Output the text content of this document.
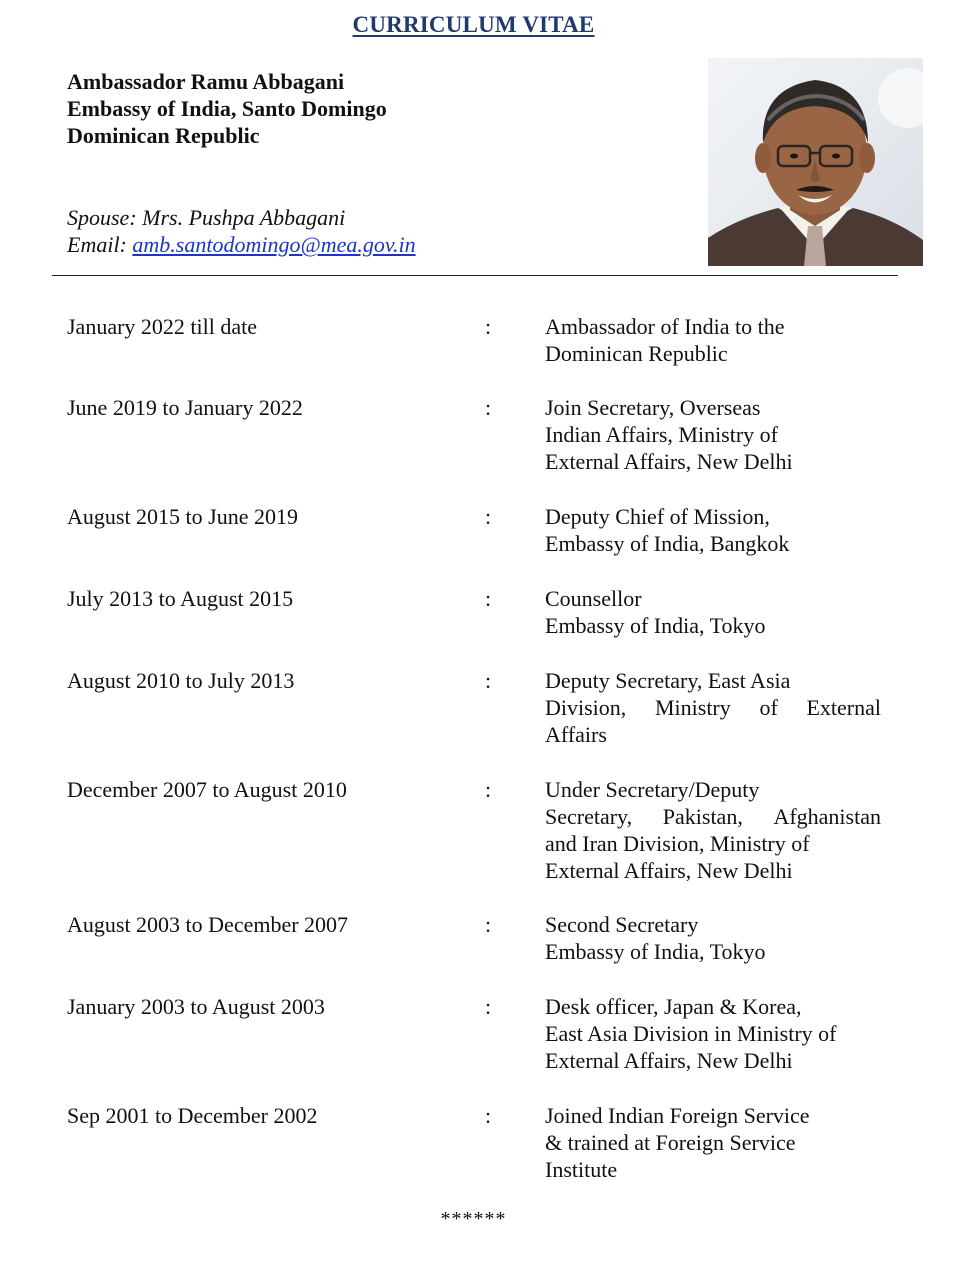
CURRICULUM VITAE
Ambassador Ramu Abbagani
Embassy of India, Santo Domingo
Dominican Republic
Spouse: Mrs. Pushpa Abbagani
Email: amb.santodomingo@mea.gov.in
January 2022 till date	: Ambassador of India to the
Dominican Republic
June 2019 to January 2022	: Join Secretary, Overseas
Indian Affairs, Ministry of
External Affairs, New Delhi
August 2015 to June 2019	: Deputy Chief of Mission,
Embassy of India, Bangkok
July 2013 to August 2015	: Counsellor
Embassy of India, Tokyo
August 2010 to July 2013	: Deputy Secretary, East Asia
Division, Ministry of External
Affairs
December 2007 to August 2010	: Under Secretary/Deputy
Secretary, Pakistan, Afghanistan
and Iran Division, Ministry of
External Affairs, New Delhi
August 2003 to December 2007	: Second Secretary
Embassy of India, Tokyo
January 2003 to August 2003	: Desk officer, Japan & Korea,
East Asia Division in Ministry of
External Affairs, New Delhi
Sep 2001 to December 2002	: Joined Indian Foreign Service
& trained at Foreign Service
Institute
******
